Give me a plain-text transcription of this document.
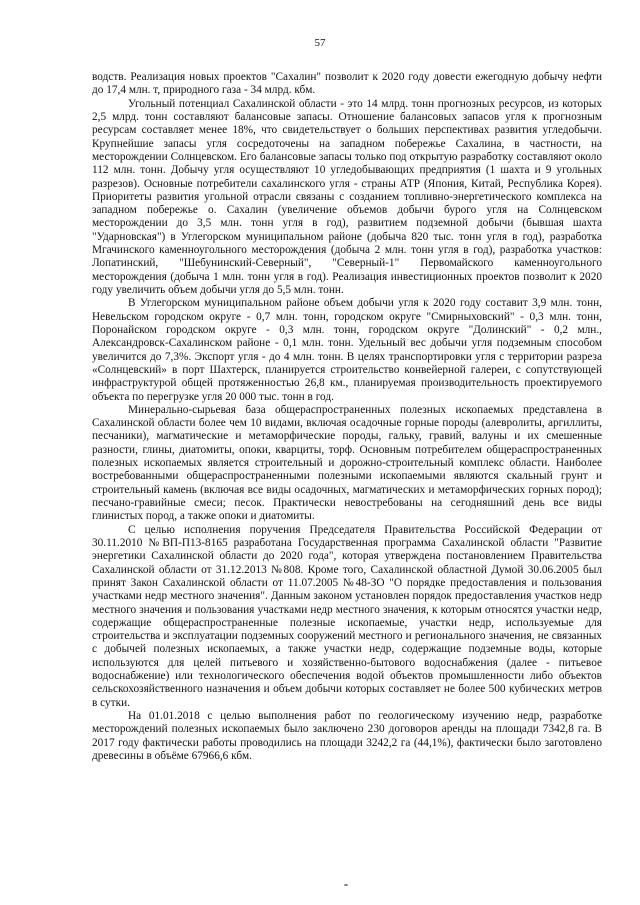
57

водств. Реализация новых проектов "Сахалин" позволит к 2020 году довести ежегодную добычу нефти до 17,4 млн. т, природного газа - 34 млрд. кбм.

Угольный потенциал Сахалинской области - это 14 млрд. тонн прогнозных ресурсов, из которых 2,5 млрд. тонн составляют балансовые запасы. Отношение балансовых запасов угля к прогнозным ресурсам составляет менее 18%, что свидетельствует о больших перспективах развития угледобычи. Крупнейшие запасы угля сосредоточены на западном побережье Сахалина, в частности, на месторождении Солнцевском. Его балансовые запасы только под открытую разработку составляют около 112 млн. тонн. Добычу угля осуществляют 10 угледобывающих предприятия (1 шахта и 9 угольных разрезов). Основные потребители сахалинского угля - страны АТР (Япония, Китай, Республика Корея). Приоритеты развития угольной отрасли связаны с созданием топливно-энергетического комплекса на западном побережье о. Сахалин (увеличение объемов добычи бурого угля на Солнцевском месторождении до 3,5 млн. тонн угля в год), развитием подземной добычи (бывшая шахта "Ударновская") в Углегорском муниципальном районе (добыча 820 тыс. тонн угля в год), разработка Мгачинского каменноугольного месторождения (добыча 2 млн. тонн угля в год), разработка участков: Лопатинский, "Шебунинский-Северный", "Северный-1" Первомайского каменноугольного месторождения (добыча 1 млн. тонн угля в год). Реализация инвестиционных проектов позволит к 2020 году увеличить объем добычи угля до 5,5 млн. тонн.

В Углегорском муниципальном районе объем добычи угля к 2020 году составит 3,9 млн. тонн, Невельском городском округе - 0,7 млн. тонн, городском округе "Смирныховский" - 0,3 млн. тонн, Поронайском городском округе - 0,3 млн. тонн, городском округе "Долинский" - 0,2 млн., Александровск-Сахалинском районе - 0,1 млн. тонн. Удельный вес добычи угля подземным способом увеличится до 7,3%. Экспорт угля - до 4 млн. тонн. В целях транспортировки угля с территории разреза «Солнцевский» в порт Шахтерск, планируется строительство конвейерной галереи, с сопутствующей инфраструктурой общей протяженностью 26,8 км., планируемая производительность проектируемого объекта по перегрузке угля 20 000 тыс. тонн в год.

Минерально-сырьевая база общераспространенных полезных ископаемых представлена в Сахалинской области более чем 10 видами, включая осадочные горные породы (алевролиты, аргиллиты, песчаники), магматические и метаморфические породы, гальку, гравий, валуны и их смешенные разности, глины, диатомиты, опоки, кварциты, торф. Основным потребителем общераспространенных полезных ископаемых является строительный и дорожно-строительный комплекс области. Наиболее востребованными общераспространенными полезными ископаемыми являются скальный грунт и строительный камень (включая все виды осадочных, магматических и метаморфических горных пород); песчано-гравийные смеси; песок. Практически невостребованы на сегодняшний день все виды глинистых пород, а также опоки и диатомиты.

С целью исполнения поручения Председателя Правительства Российской Федерации от 30.11.2010 №ВП-П13-8165 разработана Государственная программа Сахалинской области "Развитие энергетики Сахалинской области до 2020 года", которая утверждена постановлением Правительства Сахалинской области от 31.12.2013 №808. Кроме того, Сахалинской областной Думой 30.06.2005 был принят Закон Сахалинской области от 11.07.2005 №48-ЗО "О порядке предоставления и пользования участками недр местного значения". Данным законом установлен порядок предоставления участков недр местного значения и пользования участками недр местного значения, к которым относятся участки недр, содержащие общераспространенные полезные ископаемые, участки недр, используемые для строительства и эксплуатации подземных сооружений местного и регионального значения, не связанных с добычей полезных ископаемых, а также участки недр, содержащие подземные воды, которые используются для целей питьевого и хозяйственно-бытового водоснабжения (далее - питьевое водоснабжение) или технологического обеспечения водой объектов промышленности либо объектов сельскохозяйственного назначения и объем добычи которых составляет не более 500 кубических метров в сутки.

На 01.01.2018 с целью выполнения работ по геологическому изучению недр, разработке месторождений полезных ископаемых было заключено 230 договоров аренды на площади 7342,8 га. В 2017 году фактически работы проводились на площади 3242,2 га (44,1%), фактически было заготовлено древесины в объёме 67966,6 кбм.
